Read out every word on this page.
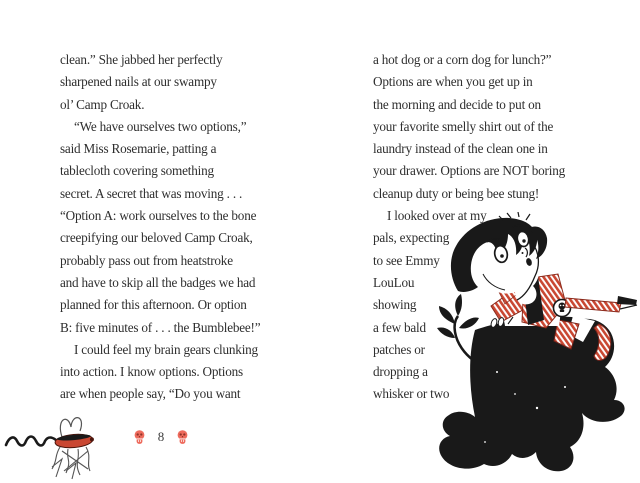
clean.” She jabbed her perfectly
sharpened nails at our swampy
ol’ Camp Croak.
“We have ourselves two options,”
said Miss Rosemarie, patting a
tablecloth covering something
secret. A secret that was moving . . .
“Option A: work ourselves to the bone
creepifying our beloved Camp Croak,
probably pass out from heatstroke
and have to skip all the badges we had
planned for this afternoon. Or option
B: five minutes of . . . the Bumblebee!”
I could feel my brain gears clunking
into action. I know options. Options
are when people say, “Do you want
a hot dog or a corn dog for lunch?”
Options are when you get up in
the morning and decide to put on
your favorite smelly shirt out of the
laundry instead of the clean one in
your drawer. Options are NOT boring
cleanup duty or being bee stung!
I looked over at my
pals, expecting
to see Emmy
LouLou
showing
a few bald
patches or
dropping a
whisker or two
8
